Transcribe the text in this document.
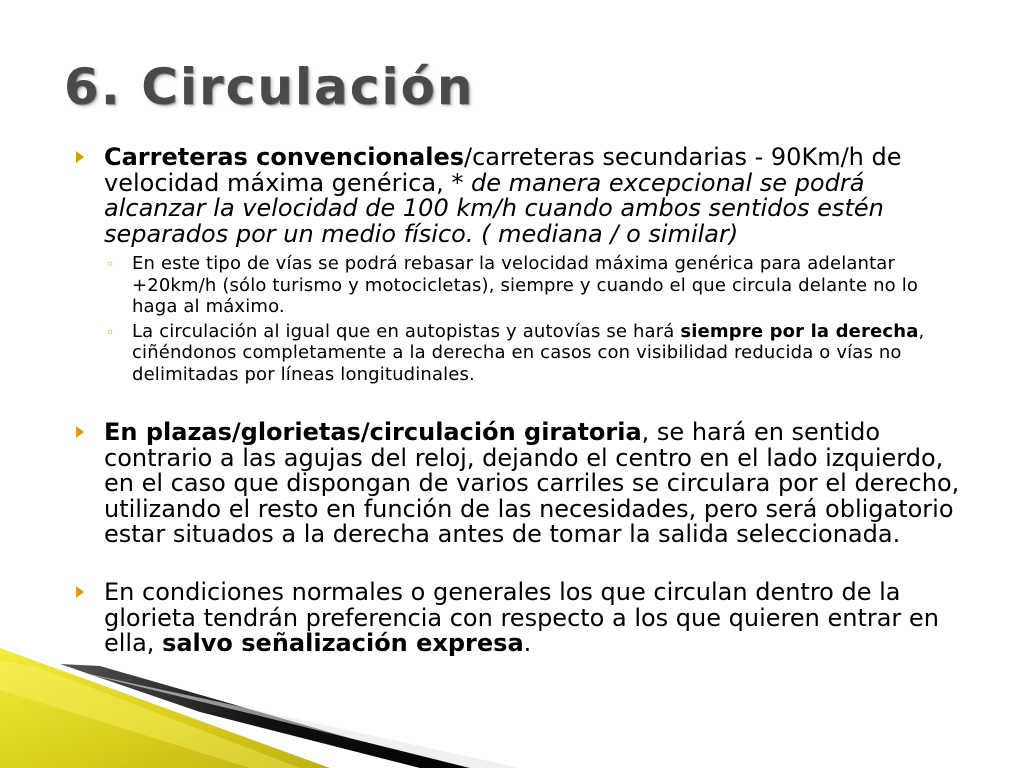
6. Circulación
Carreteras convencionales/carreteras secundarias - 90Km/h de velocidad máxima genérica, * de manera excepcional se podrá alcanzar la velocidad de 100 km/h cuando ambos sentidos estén separados por un medio físico. ( mediana / o similar)
◦ En este tipo de vías se podrá rebasar la velocidad máxima genérica para adelantar +20km/h (sólo turismo y motocicletas), siempre y cuando el que circula delante no lo haga al máximo.
◦ La circulación al igual que en autopistas y autovías se hará siempre por la derecha, ciñéndonos completamente a la derecha en casos con visibilidad reducida o vías no delimitadas por líneas longitudinales.
En plazas/glorietas/circulación giratoria, se hará en sentido contrario a las agujas del reloj, dejando el centro en el lado izquierdo, en el caso que dispongan de varios carriles se circulara por el derecho, utilizando el resto en función de las necesidades, pero será obligatorio estar situados a la derecha antes de tomar la salida seleccionada.
En condiciones normales o generales los que circulan dentro de la glorieta tendrán preferencia con respecto a los que quieren entrar en ella, salvo señalización expresa.
